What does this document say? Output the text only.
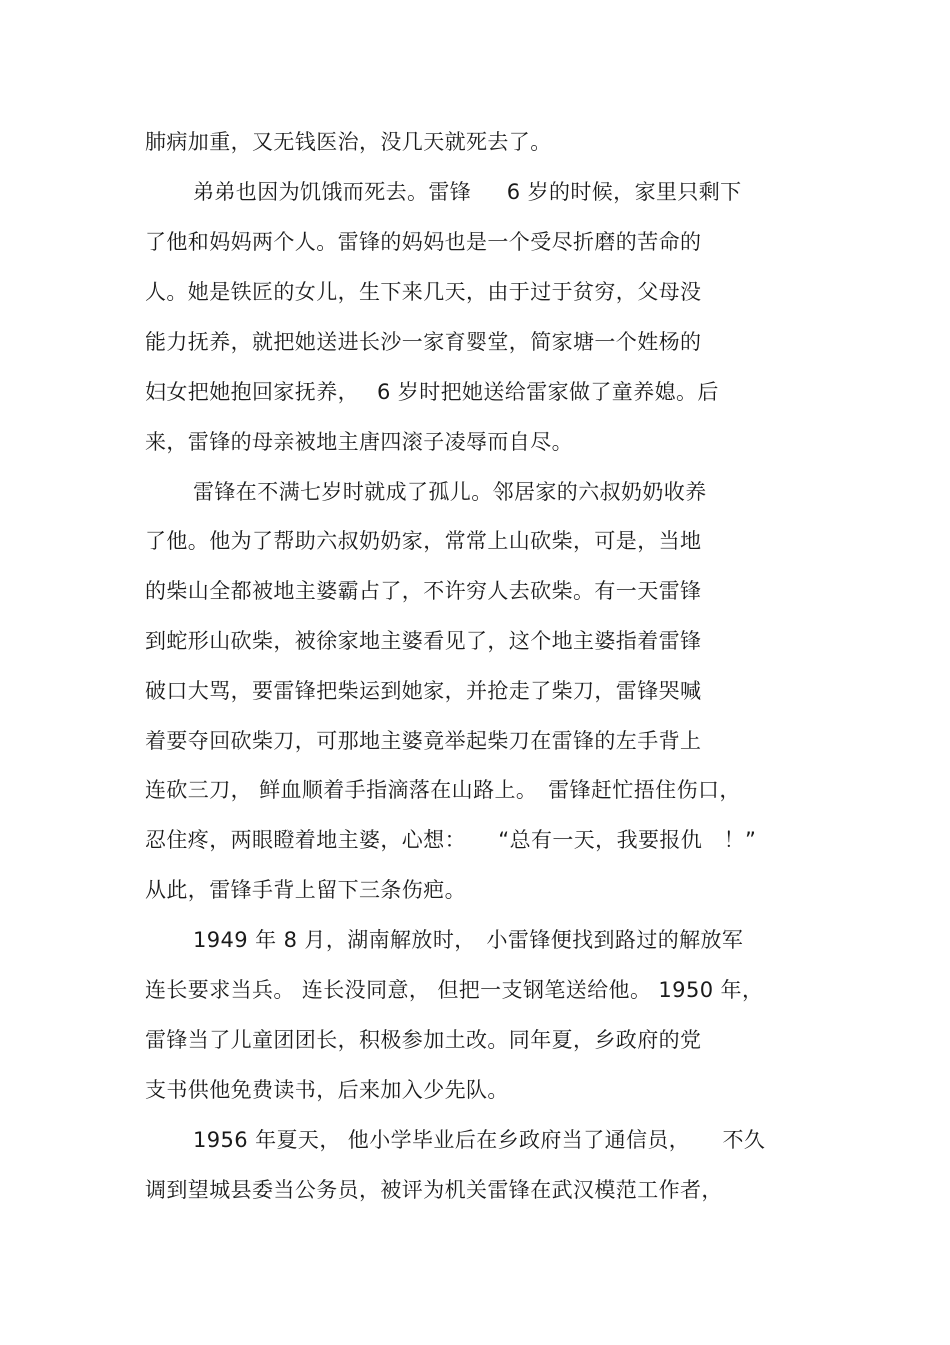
肺病加重，又无钱医治，没几天就死去了。
弟弟也因为饥饿而死去。雷锋　  6 岁的时候，家里只剩下
了他和妈妈两个人。雷锋的妈妈也是一个受尽折磨的苦命的
人。她是铁匠的女儿，生下来几天，由于过于贫穷，父母没
能力抚养，就把她送进长沙一家育婴堂，简家塘一个姓杨的
妇女把她抱回家抚养，　 6 岁时把她送给雷家做了童养媳。后
来，雷锋的母亲被地主唐四滚子凌辱而自尽。
雷锋在不满七岁时就成了孤儿。邻居家的六叔奶奶收养
了他。他为了帮助六叔奶奶家，常常上山砍柴，可是，当地
的柴山全都被地主婆霸占了，不许穷人去砍柴。有一天雷锋
到蛇形山砍柴，被徐家地主婆看见了，这个地主婆指着雷锋
破口大骂，要雷锋把柴运到她家，并抢走了柴刀，雷锋哭喊
着要夺回砍柴刀，可那地主婆竟举起柴刀在雷锋的左手背上
连砍三刀， 鲜血顺着手指滴落在山路上。　雷锋赶忙捂住伤口，
忍住疼，两眼瞪着地主婆，心想：　　“总有一天，我要报仇　！”
从此，雷锋手背上留下三条伤疤。
1949 年 8 月，湖南解放时，　小雷锋便找到路过的解放军
连长要求当兵。 连长没同意， 但把一支钢笔送给他。 1950 年，
雷锋当了儿童团团长，积极参加土改。同年夏，乡政府的党
支书供他免费读书，后来加入少先队。
1956 年夏天， 他小学毕业后在乡政府当了通信员，　　不久
调到望城县委当公务员，被评为机关雷锋在武汉模范工作者，
